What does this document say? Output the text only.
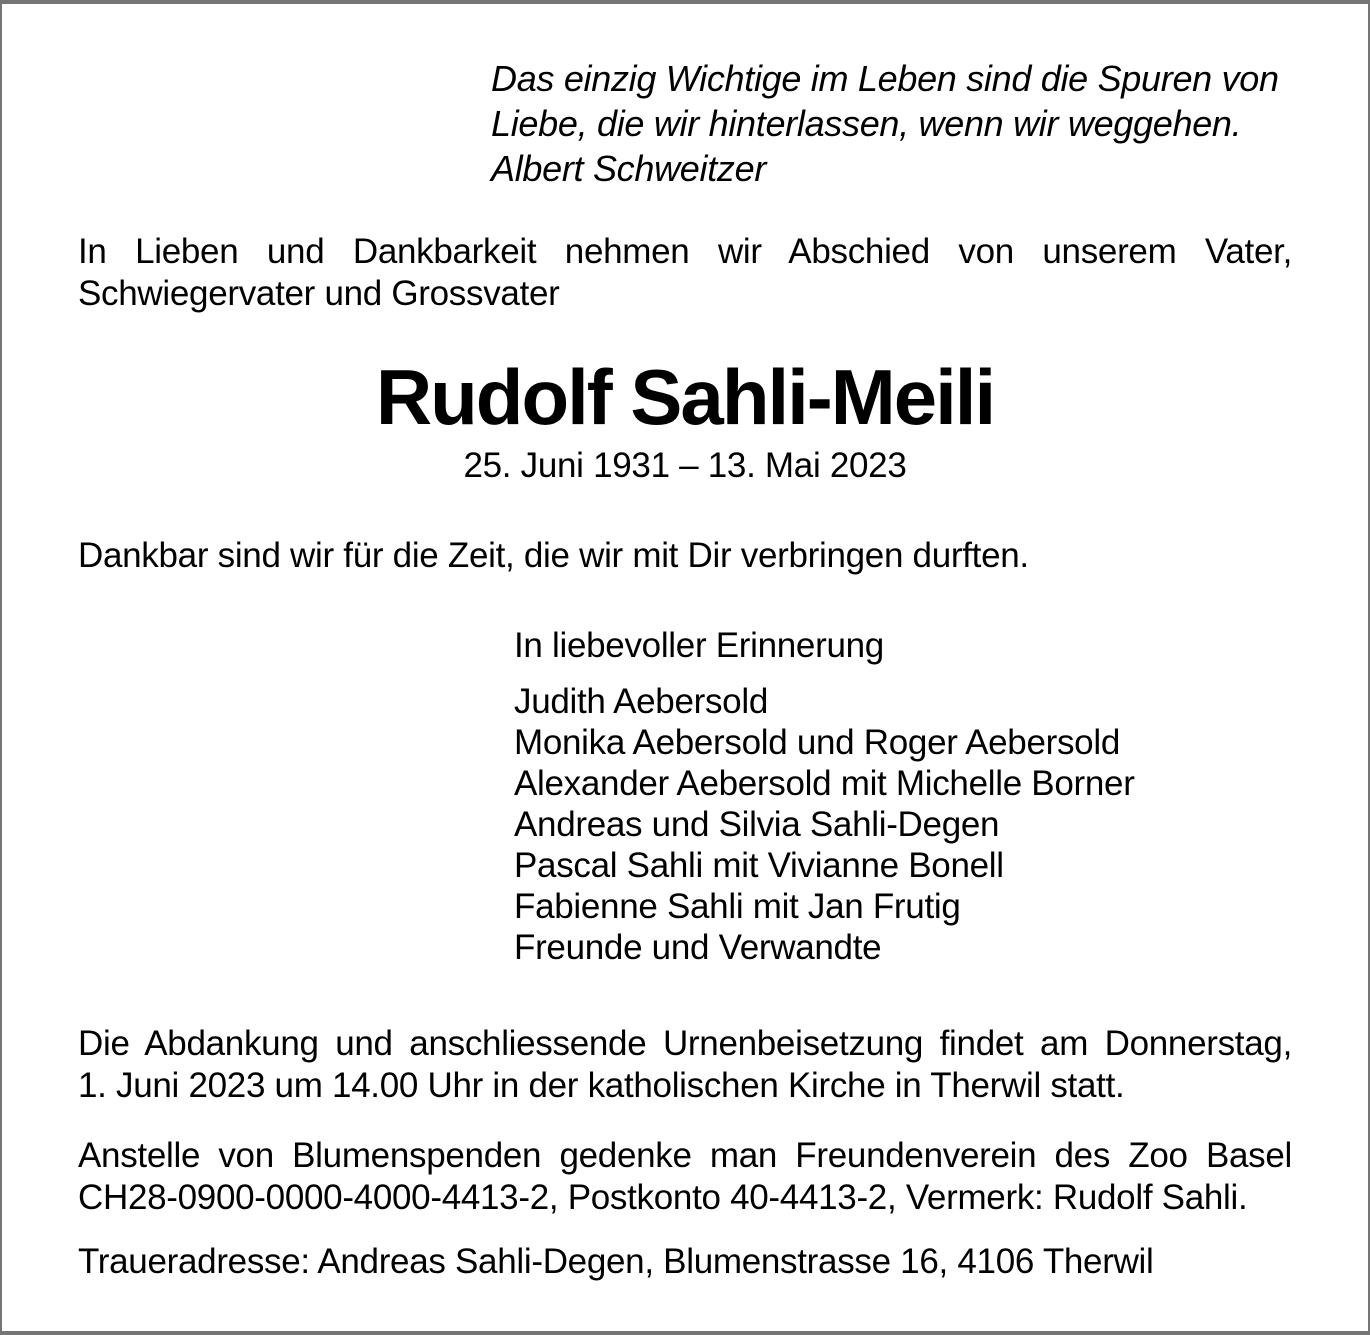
Das einzig Wichtige im Leben sind die Spuren von
Liebe, die wir hinterlassen, wenn wir weggehen.
Albert Schweitzer
In Lieben und Dankbarkeit nehmen wir Abschied von unserem Vater,
Schwiegervater und Grossvater
Rudolf Sahli-Meili
25. Juni 1931 – 13. Mai 2023
Dankbar sind wir für die Zeit, die wir mit Dir verbringen durften.
In liebevoller Erinnerung
Judith Aebersold
Monika Aebersold und Roger Aebersold
Alexander Aebersold mit Michelle Borner
Andreas und Silvia Sahli-Degen
Pascal Sahli mit Vivianne Bonell
Fabienne Sahli mit Jan Frutig
Freunde und Verwandte
Die Abdankung und anschliessende Urnenbeisetzung findet am Donnerstag,
1. Juni 2023 um 14.00 Uhr in der katholischen Kirche in Therwil statt.
Anstelle von Blumenspenden gedenke man Freundenverein des Zoo Basel
CH28-0900-0000-4000-4413-2, Postkonto 40-4413-2, Vermerk: Rudolf Sahli.
Traueradresse: Andreas Sahli-Degen, Blumenstrasse 16, 4106 Therwil
